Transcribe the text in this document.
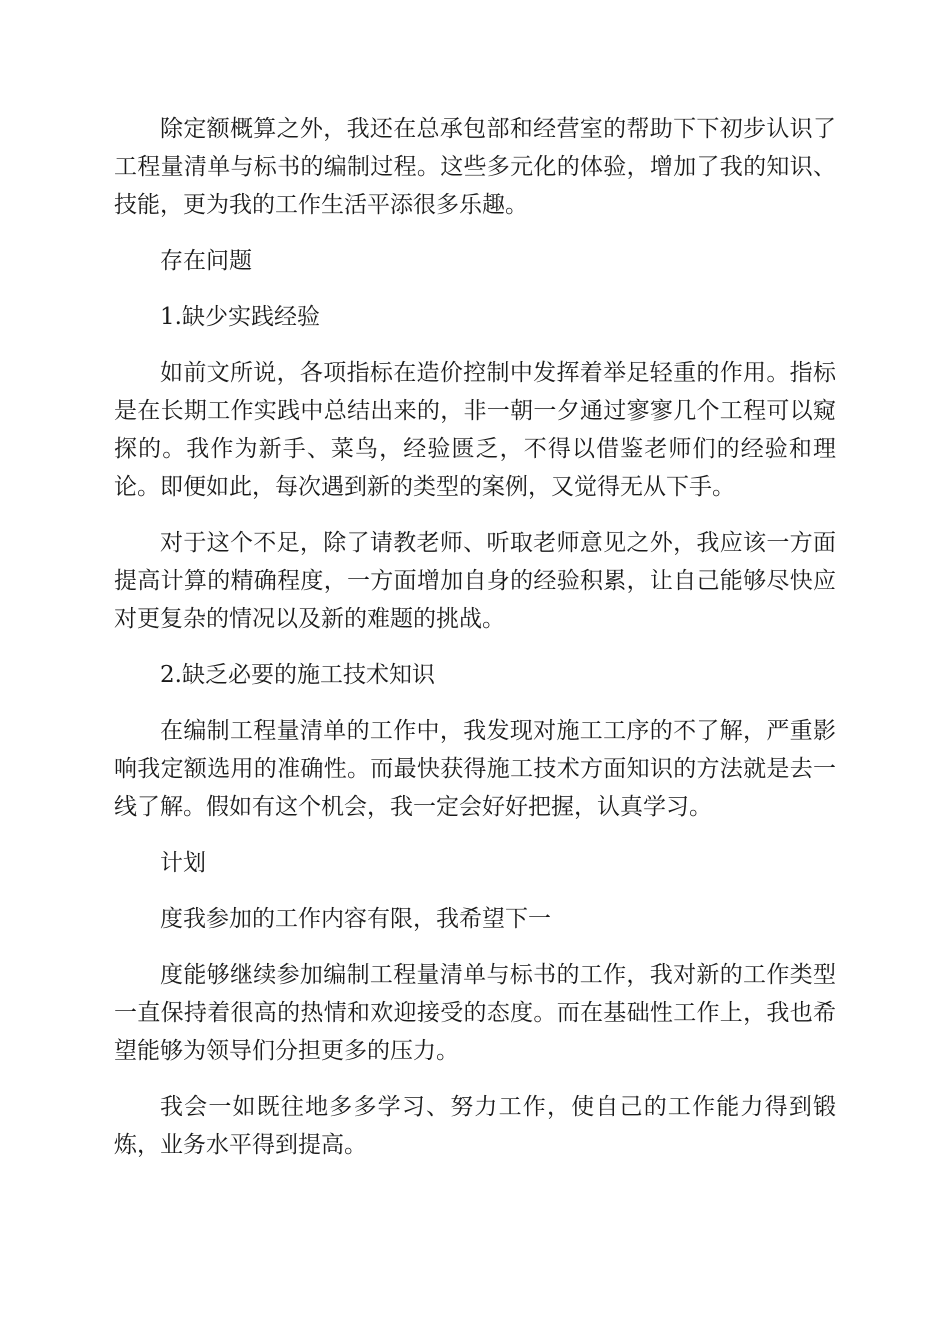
除定额概算之外，我还在总承包部和经营室的帮助下下初步认识了工程量清单与标书的编制过程。这些多元化的体验，增加了我的知识、技能，更为我的工作生活平添很多乐趣。

存在问题

1.缺少实践经验

如前文所说，各项指标在造价控制中发挥着举足轻重的作用。指标是在长期工作实践中总结出来的，非一朝一夕通过寥寥几个工程可以窥探的。我作为新手、菜鸟，经验匮乏，不得以借鉴老师们的经验和理论。即便如此，每次遇到新的类型的案例，又觉得无从下手。

对于这个不足，除了请教老师、听取老师意见之外，我应该一方面提高计算的精确程度，一方面增加自身的经验积累，让自己能够尽快应对更复杂的情况以及新的难题的挑战。

2.缺乏必要的施工技术知识

在编制工程量清单的工作中，我发现对施工工序的不了解，严重影响我定额选用的准确性。而最快获得施工技术方面知识的方法就是去一线了解。假如有这个机会，我一定会好好把握，认真学习。

计划

度我参加的工作内容有限，我希望下一

度能够继续参加编制工程量清单与标书的工作，我对新的工作类型一直保持着很高的热情和欢迎接受的态度。而在基础性工作上，我也希望能够为领导们分担更多的压力。

我会一如既往地多多学习、努力工作，使自己的工作能力得到锻炼，业务水平得到提高。
